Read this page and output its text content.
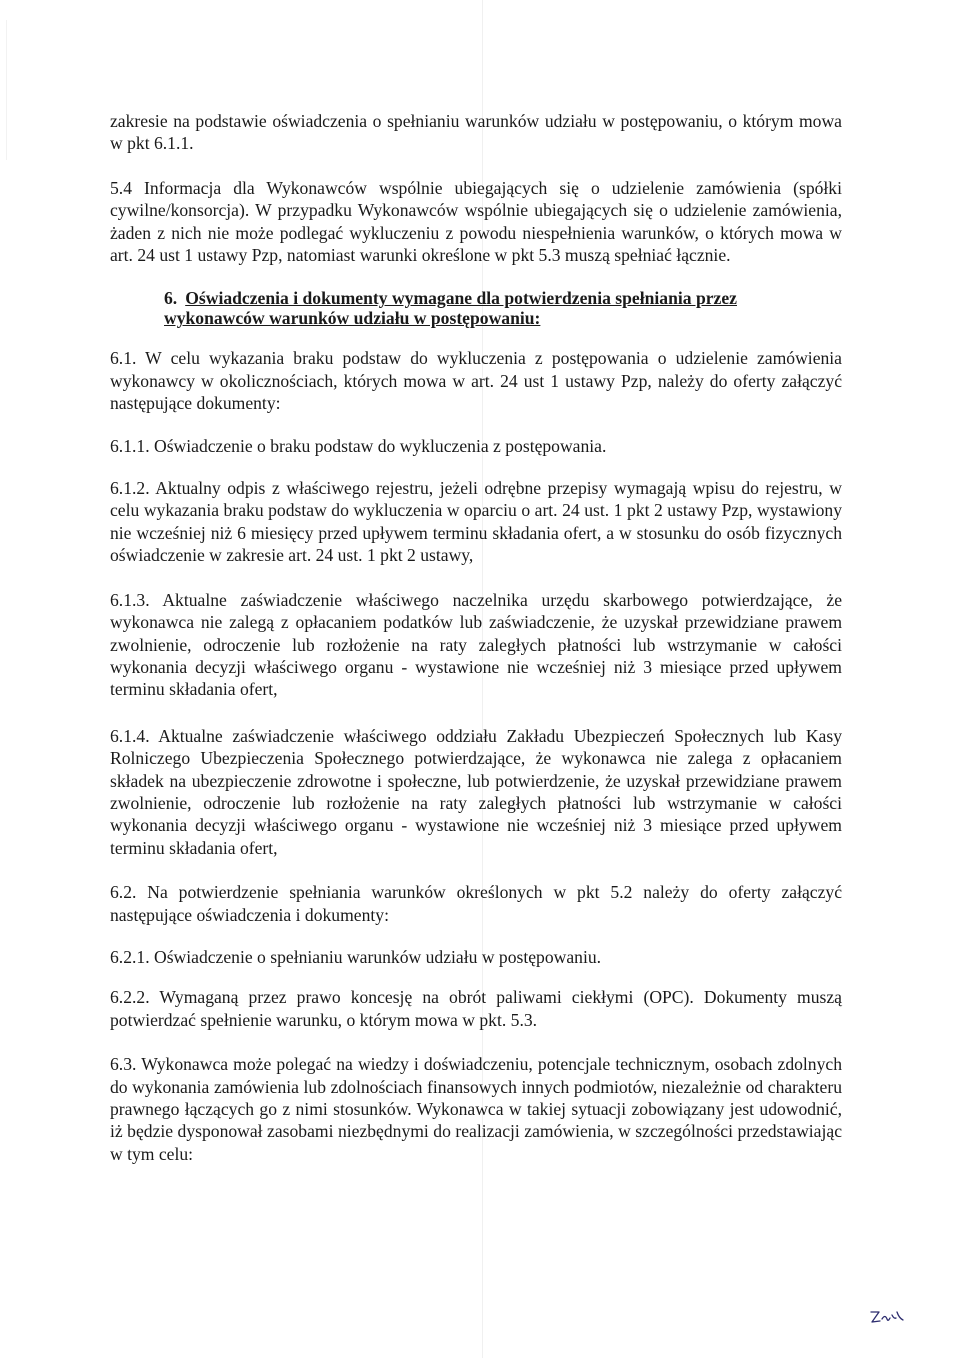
zakresie na podstawie oświadczenia o spełnianiu warunków udziału w postępowaniu, o którym mowa w pkt 6.1.1.

5.4 Informacja dla Wykonawców wspólnie ubiegających się o udzielenie zamówienia (spółki cywilne/konsorcja). W przypadku Wykonawców wspólnie ubiegających się o udzielenie zamówienia, żaden z nich nie może podlegać wykluczeniu z powodu niespełnienia warunków, o których mowa w art. 24 ust 1 ustawy Pzp, natomiast warunki określone w pkt 5.3 muszą spełniać łącznie.

6. Oświadczenia i dokumenty wymagane dla potwierdzenia spełniania przez wykonawców warunków udziału w postępowaniu:

6.1. W celu wykazania braku podstaw do wykluczenia z postępowania o udzielenie zamówienia wykonawcy w okolicznościach, których mowa w art. 24 ust 1 ustawy Pzp, należy do oferty załączyć następujące dokumenty:

6.1.1. Oświadczenie o braku podstaw do wykluczenia z postępowania.

6.1.2. Aktualny odpis z właściwego rejestru, jeżeli odrębne przepisy wymagają wpisu do rejestru, w celu wykazania braku podstaw do wykluczenia w oparciu o art. 24 ust. 1 pkt 2 ustawy Pzp, wystawiony nie wcześniej niż 6 miesięcy przed upływem terminu składania ofert, a w stosunku do osób fizycznych oświadczenie w zakresie art. 24 ust. 1 pkt 2 ustawy,

6.1.3. Aktualne zaświadczenie właściwego naczelnika urzędu skarbowego potwierdzające, że wykonawca nie zalegą z opłacaniem podatków lub zaświadczenie, że uzyskał przewidziane prawem zwolnienie, odroczenie lub rozłożenie na raty zaległych płatności lub wstrzymanie w całości wykonania decyzji właściwego organu - wystawione nie wcześniej niż 3 miesiące przed upływem terminu składania ofert,

6.1.4. Aktualne zaświadczenie właściwego oddziału Zakładu Ubezpieczeń Społecznych lub Kasy Rolniczego Ubezpieczenia Społecznego potwierdzające, że wykonawca nie zalega z opłacaniem składek na ubezpieczenie zdrowotne i społeczne, lub potwierdzenie, że uzyskał przewidziane prawem zwolnienie, odroczenie lub rozłożenie na raty zaległych płatności lub wstrzymanie w całości wykonania decyzji właściwego organu - wystawione nie wcześniej niż 3 miesiące przed upływem terminu składania ofert,

6.2. Na potwierdzenie spełniania warunków określonych w pkt 5.2 należy do oferty załączyć następujące oświadczenia i dokumenty:

6.2.1. Oświadczenie o spełnianiu warunków udziału w postępowaniu.

6.2.2. Wymaganą przez prawo koncesję na obrót paliwami ciekłymi (OPC). Dokumenty muszą potwierdzać spełnienie warunku, o którym mowa w pkt. 5.3.

6.3. Wykonawca może polegać na wiedzy i doświadczeniu, potencjale technicznym, osobach zdolnych do wykonania zamówienia lub zdolnościach finansowych innych podmiotów, niezależnie od charakteru prawnego łączących go z nimi stosunków. Wykonawca w takiej sytuacji zobowiązany jest udowodnić, iż będzie dysponował zasobami niezbędnymi do realizacji zamówienia, w szczególności przedstawiając w tym celu:
